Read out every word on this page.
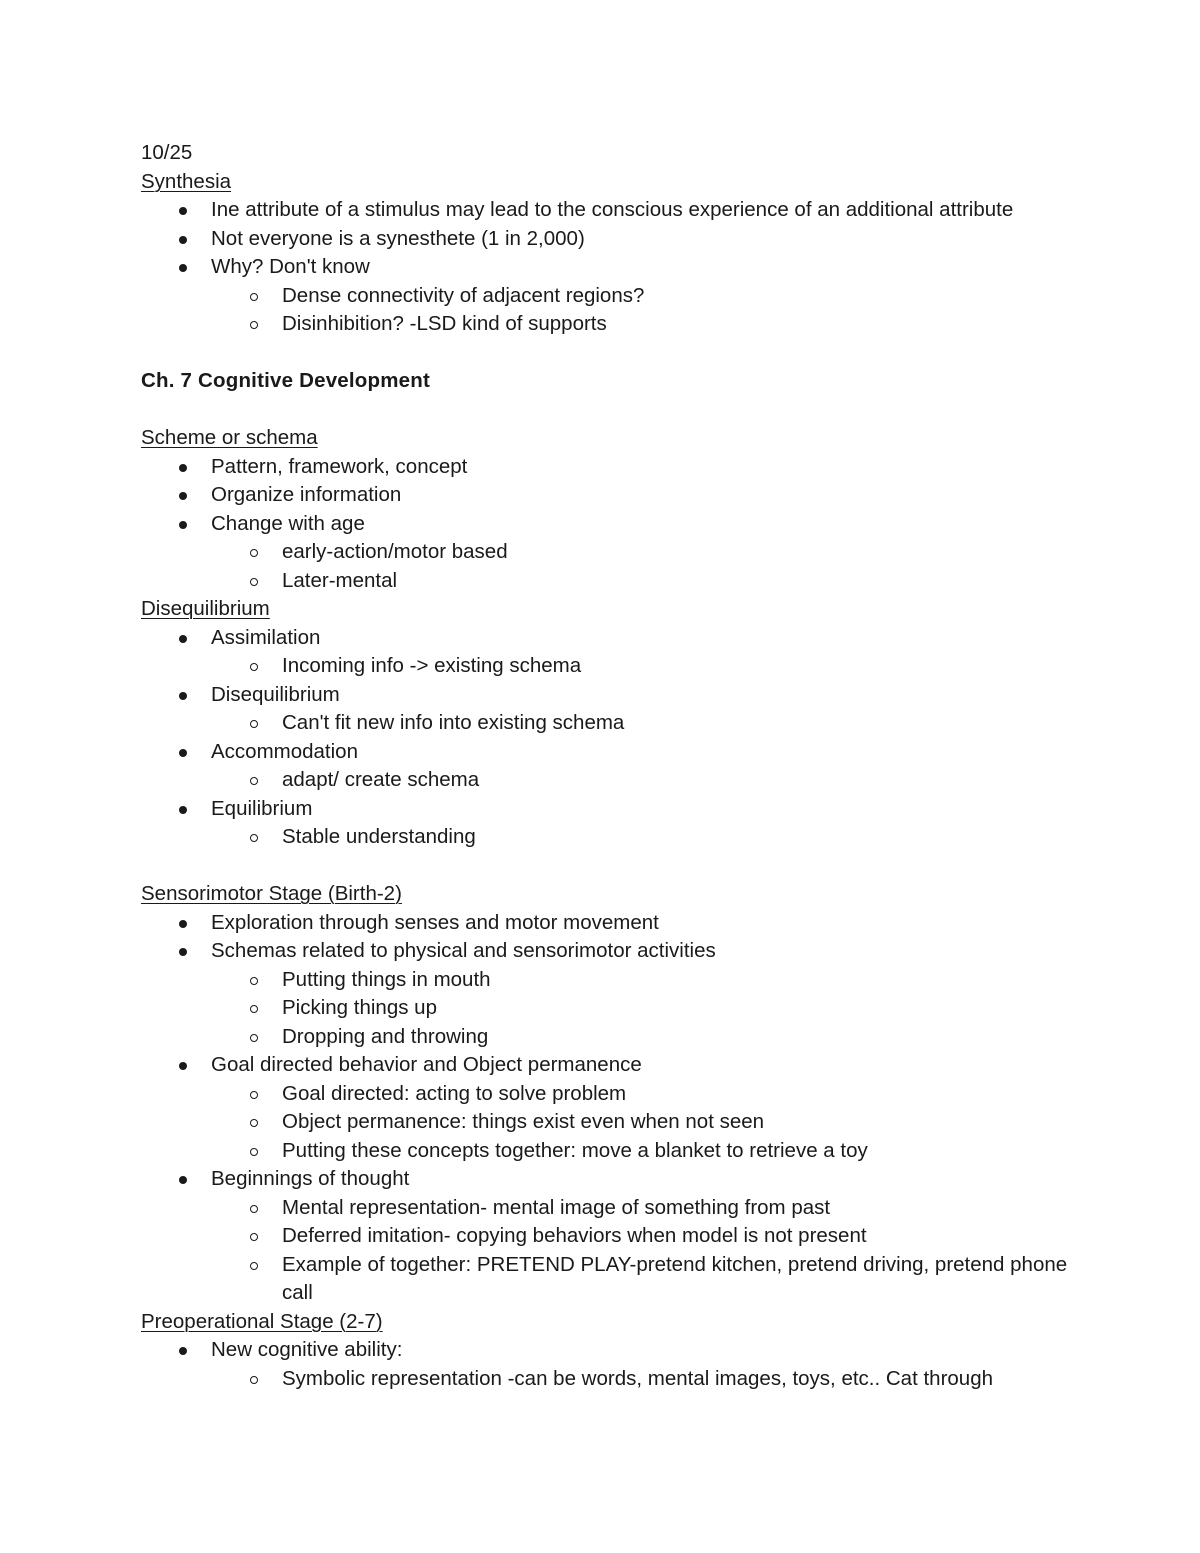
10/25
Synthesia
Ine attribute of a stimulus may lead to the conscious experience of an additional attribute
Not everyone is a synesthete (1 in 2,000)
Why? Don't know
Dense connectivity of adjacent regions?
Disinhibition? -LSD kind of supports
Ch. 7 Cognitive Development
Scheme or schema
Pattern, framework, concept
Organize information
Change with age
early-action/motor based
Later-mental
Disequilibrium
Assimilation
Incoming info -> existing schema
Disequilibrium
Can't fit new info into existing schema
Accommodation
adapt/ create schema
Equilibrium
Stable understanding
Sensorimotor Stage (Birth-2)
Exploration through senses and motor movement
Schemas related to physical and sensorimotor activities
Putting things in mouth
Picking things up
Dropping and throwing
Goal directed behavior and Object permanence
Goal directed: acting to solve problem
Object permanence: things exist even when not seen
Putting these concepts together: move a blanket to retrieve a toy
Beginnings of thought
Mental representation- mental image of something from past
Deferred imitation- copying behaviors when model is not present
Example of together: PRETEND PLAY-pretend kitchen, pretend driving, pretend phone call
Preoperational Stage (2-7)
New cognitive ability:
Symbolic representation -can be words, mental images, toys, etc.. Cat through
